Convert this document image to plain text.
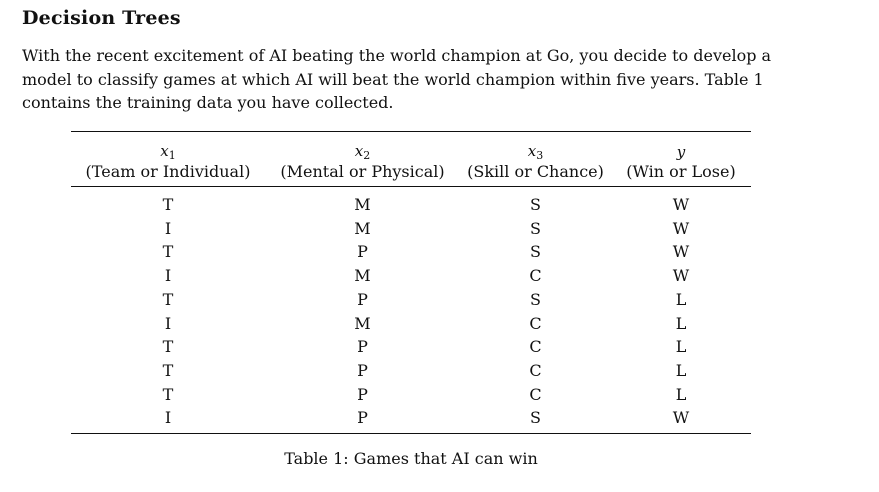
Decision Trees
With the recent excitement of AI beating the world champion at Go, you decide to develop a
model to classify games at which AI will beat the world champion within five years. Table 1
contains the training data you have collected.
$x_1$	$x_2$	$x_3$	y
(Team or Individual)	(Mental or Physical)	(Skill or Chance)	(Win or Lose)
T	M	S	W
I	M	S	W
T	P	S	W
I	M	C	W
T	P	S	L
I	M	C	L
T	P	C	L
T	P	C	L
T	P	C	L
I	P	S	W
Table 1: Games that AI can win
